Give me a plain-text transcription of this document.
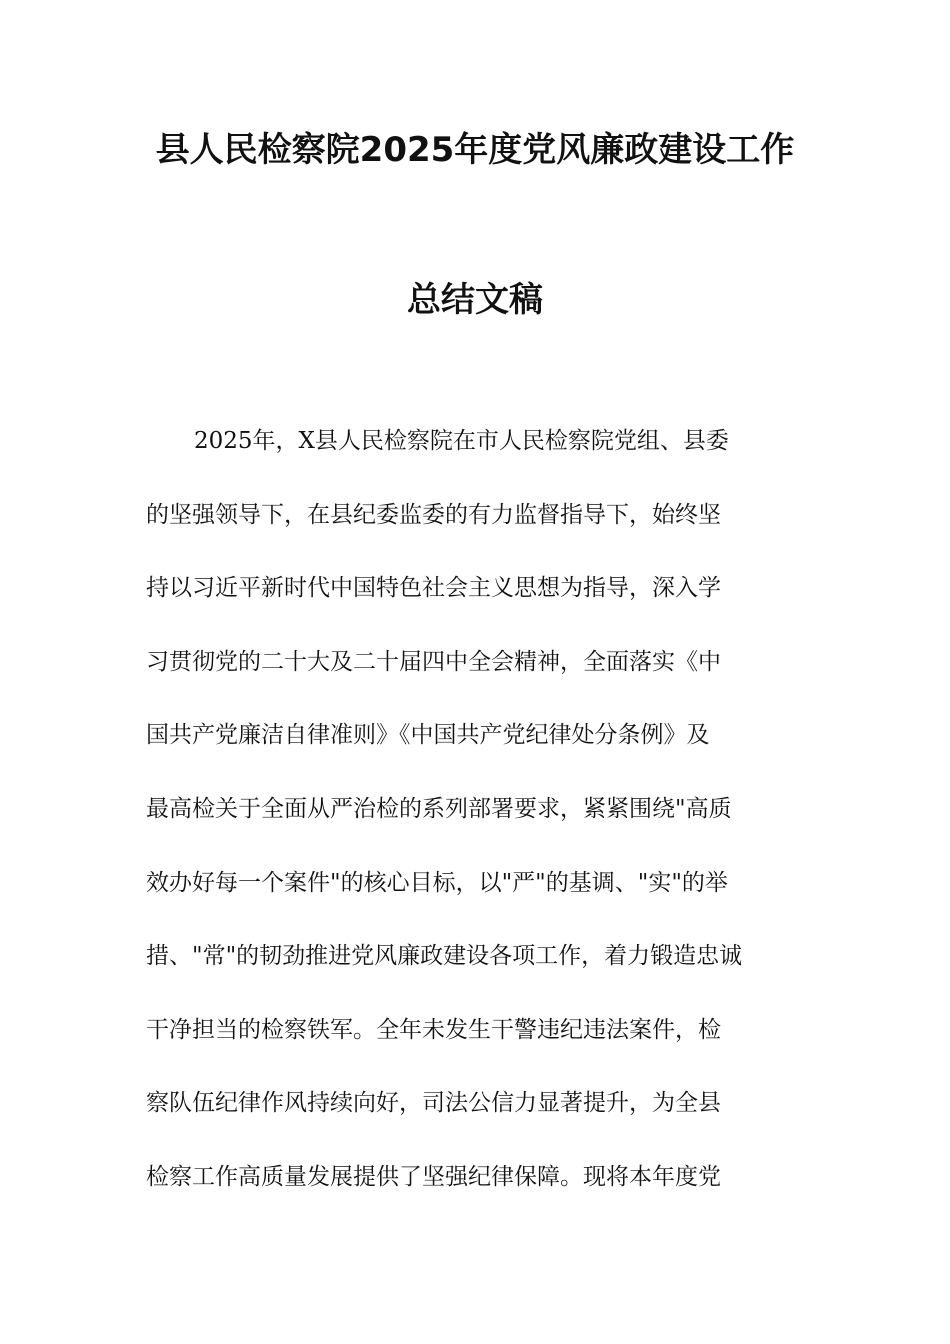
县人民检察院2025年度党风廉政建设工作
总结文稿
2025年，X县人民检察院在市人民检察院党组、县委
的坚强领导下，在县纪委监委的有力监督指导下，始终坚
持以习近平新时代中国特色社会主义思想为指导，深入学
习贯彻党的二十大及二十届四中全会精神，全面落实《中
国共产党廉洁自律准则》《中国共产党纪律处分条例》及
最高检关于全面从严治检的系列部署要求，紧紧围绕"高质
效办好每一个案件"的核心目标，以"严"的基调、"实"的举
措、"常"的韧劲推进党风廉政建设各项工作，着力锻造忠诚
干净担当的检察铁军。全年未发生干警违纪违法案件，检
察队伍纪律作风持续向好，司法公信力显著提升，为全县
检察工作高质量发展提供了坚强纪律保障。现将本年度党
